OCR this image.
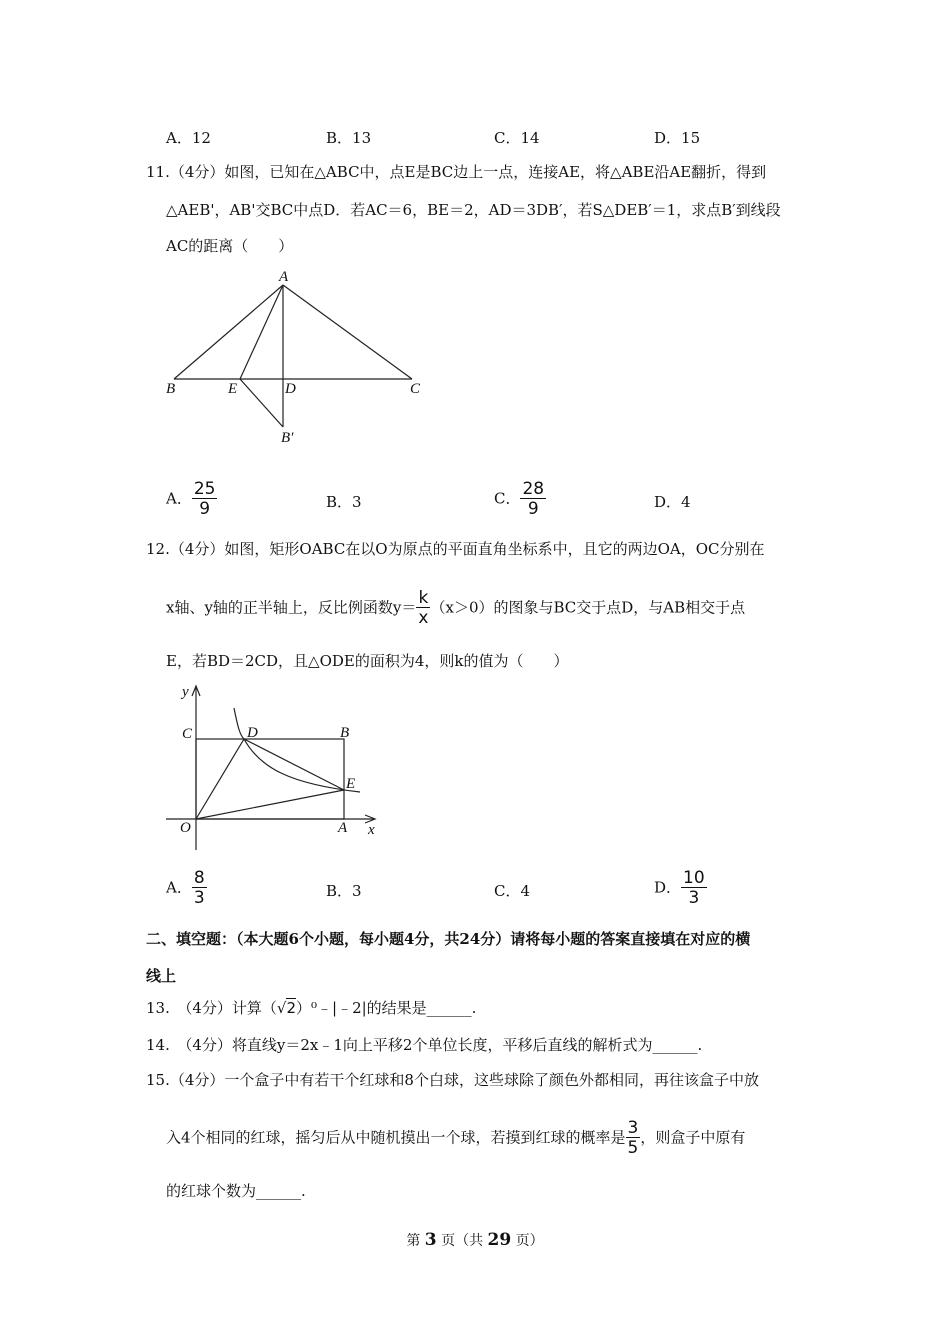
A．12	B．13	C．14	D．15
11.（4分）如图，已知在△ABC中，点E是BC边上一点，连接AE，将△ABE沿AE翻折，得到
△AEB'，AB'交BC中点D．若AC＝6，BE＝2，AD＝3DB′，若S△DEB′＝1，求点B′到线段
AC的距离（　　）
A
B	E	D	C
B′
A． $\frac{25}{9}$	B．3	C． $\frac{28}{9}$	D．4
12.（4分）如图，矩形OABC在以O为原点的平面直角坐标系中，且它的两边OA，OC分别在
x轴、y轴的正半轴上，反比例函数$y= \frac{k}{x} (x>0)$的图象与BC交于点D，与AB相交于点
E，若BD＝2CD，且△ODE的面积为4，则k的值为（　　）
y
x
C	D	B
E
O	A
A． $\frac{8}{3}$	B．3	C．4	D． $\frac{10}{3}$
二、填空题：（本大题6个小题，每小题4分，共24分）请将每小题的答案直接填在对应的横
线上
13.　（4分）计算（√2）⁰﹣|﹣2|的结果是______.
14.　（4分）将直线y＝2x﹣1向上平移2个单位长度，平移后直线的解析式为______.
15.（4分）一个盒子中有若干个红球和8个白球，这些球除了颜色外都相同，再往该盒子中放
入4个相同的红球，摇匀后从中随机摸出一个球，若摸到红球的概率是 $\frac{3}{5}$ ，则盒子中原有
的红球个数为______.
第 3 页（共 29 页）
